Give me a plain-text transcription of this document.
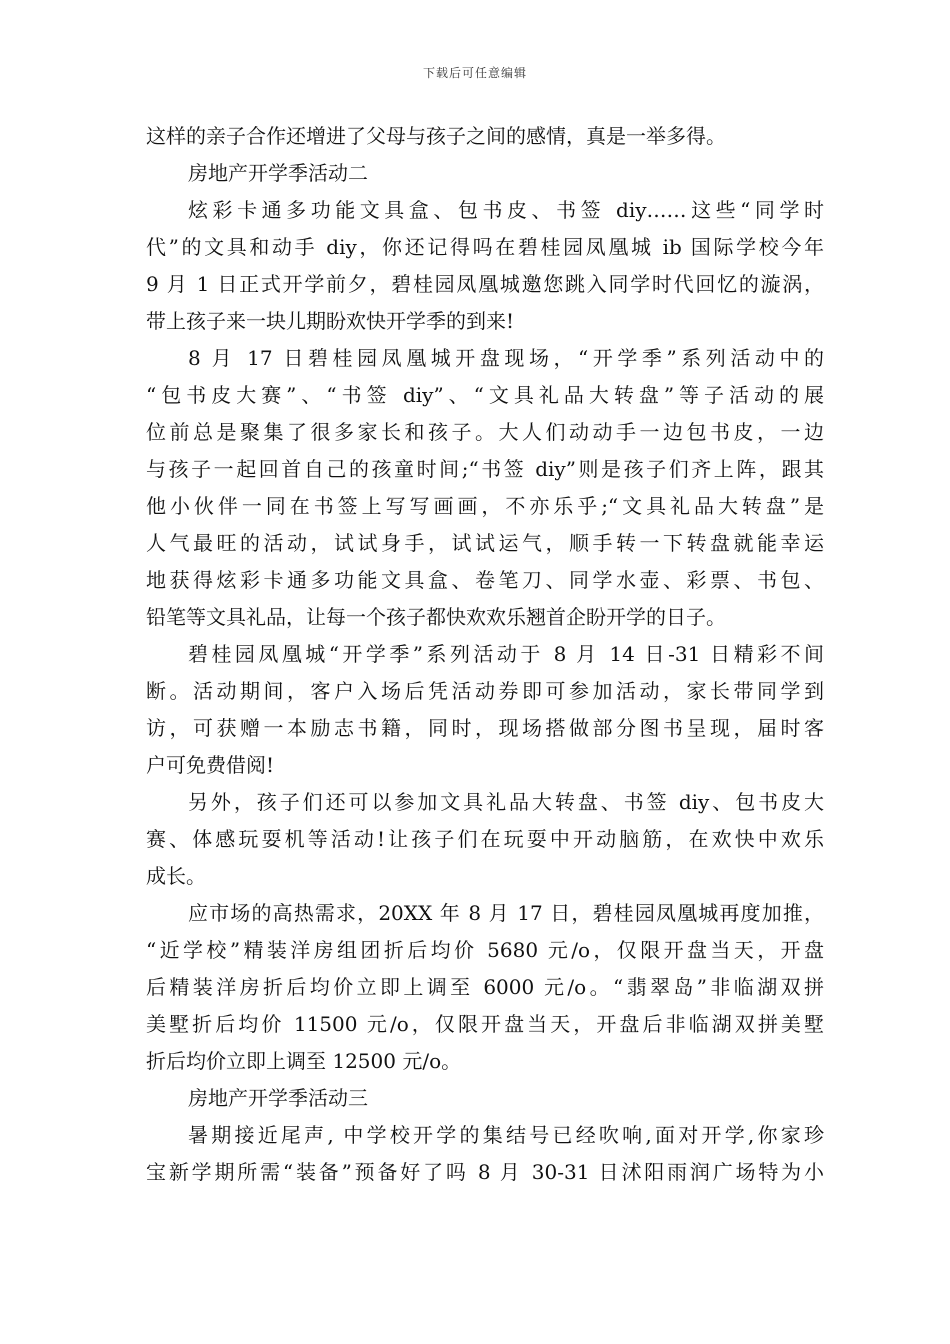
下载后可任意编辑
这样的亲子合作还增进了父母与孩子之间的感情，真是一举多得。
房地产开学季活动二
炫彩卡通多功能文具盒、包书皮、书签 diy……这些“同学时
代”的文具和动手 diy，你还记得吗在碧桂园凤凰城 ib 国际学校今年
9 月 1 日正式开学前夕，碧桂园凤凰城邀您跳入同学时代回忆的漩涡，
带上孩子来一块儿期盼欢快开学季的到来!
8 月 17 日碧桂园凤凰城开盘现场，“开学季”系列活动中的
“包书皮大赛”、“书签 diy”、“文具礼品大转盘”等子活动的展
位前总是聚集了很多家长和孩子。大人们动动手一边包书皮，一边
与孩子一起回首自己的孩童时间;“书签 diy”则是孩子们齐上阵，跟其
他小伙伴一同在书签上写写画画，不亦乐乎;“文具礼品大转盘”是
人气最旺的活动，试试身手，试试运气，顺手转一下转盘就能幸运
地获得炫彩卡通多功能文具盒、卷笔刀、同学水壶、彩票、书包、
铅笔等文具礼品，让每一个孩子都快欢欢乐翘首企盼开学的日子。
碧桂园凤凰城“开学季”系列活动于 8 月 14 日-31 日精彩不间
断。活动期间，客户入场后凭活动券即可参加活动，家长带同学到
访，可获赠一本励志书籍，同时，现场搭做部分图书呈现，届时客
户可免费借阅!
另外，孩子们还可以参加文具礼品大转盘、书签 diy、包书皮大
赛、体感玩耍机等活动!让孩子们在玩耍中开动脑筋，在欢快中欢乐
成长。
应市场的高热需求，20XX 年 8 月 17 日，碧桂园凤凰城再度加推，
“近学校”精装洋房组团折后均价 5680 元/o，仅限开盘当天，开盘
后精装洋房折后均价立即上调至 6000 元/o。“翡翠岛”非临湖双拼
美墅折后均价 11500 元/o，仅限开盘当天，开盘后非临湖双拼美墅
折后均价立即上调至 12500 元/o。
房地产开学季活动三
暑期接近尾声, 中学校开学的集结号已经吹响,面对开学,你家珍
宝新学期所需“装备”预备好了吗 8 月 30-31 日沭阳雨润广场特为小
